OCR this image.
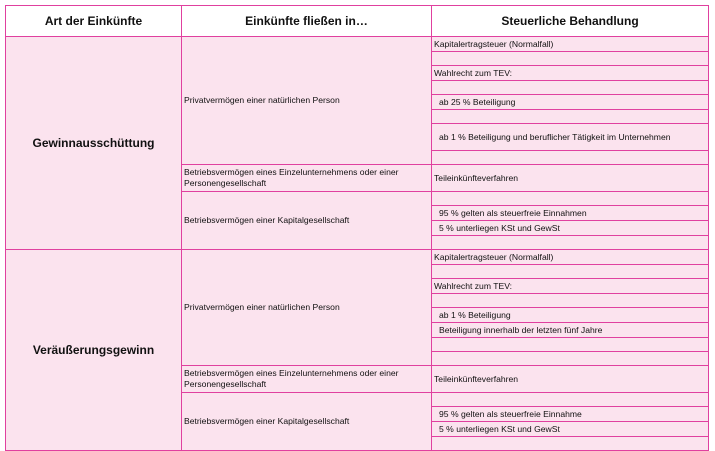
Art der Einkünfte	Einkünfte fließen in…	Steuerliche Behandlung
Gewinnausschüttung	Privatvermögen einer natürlichen Person	Kapitalertragsteuer (Normalfall)

		Wahlrecht zum TEV:

		ab 25 % Beteiligung

		ab 1 % Beteiligung und beruflicher Tätigkeit im Unternehmen

	Betriebsvermögen eines Einzelunternehmens oder einer Personengesellschaft	Teileinkünfteverfahren
	Betriebsvermögen einer Kapitalgesellschaft	
		95 % gelten als steuerfreie Einnahmen
		5 % unterliegen KSt und GewSt

Veräußerungsgewinn	Privatvermögen einer natürlichen Person	Kapitalertragsteuer (Normalfall)

		Wahlrecht zum TEV:

		ab 1 % Beteiligung
		Beteiligung innerhalb der letzten fünf Jahre

	Betriebsvermögen eines Einzelunternehmens oder einer Personengesellschaft	Teileinkünfteverfahren
	Betriebsvermögen einer Kapitalgesellschaft	
		95 % gelten als steuerfreie Einnahme
		5 % unterliegen KSt und GewSt
